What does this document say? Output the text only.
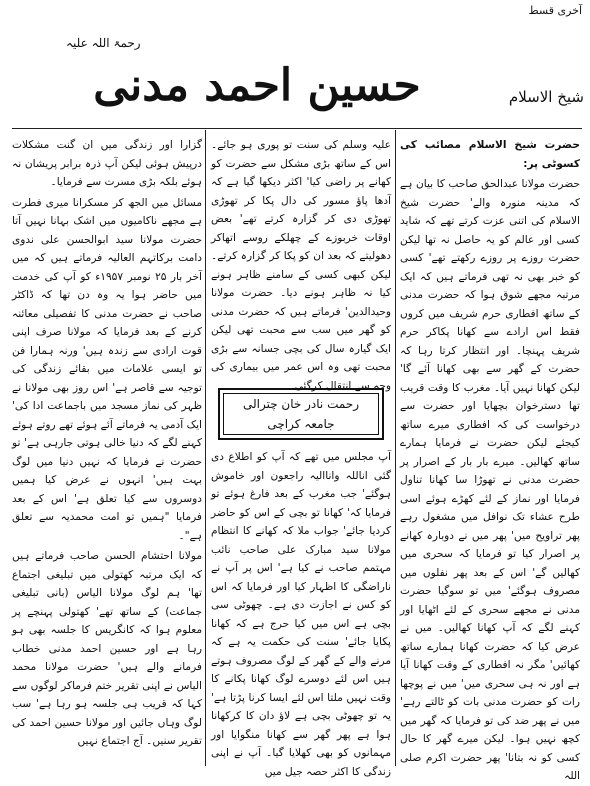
آخری قسط
رحمۃ اللہ علیہ
حسین احمد مدنی	شیخ الاسلام

حضرت شیخ الاسلام مصائب کی کسوٹی پر:

حضرت مولانا عبدالحق صاحب کا بیان ہے کہ مدینہ منورہ والے' حضرت شیخ الاسلام کی اتنی عزت کرتے تھے کہ شاید کسی اور عالم کو یہ حاصل نہ تھا لیکن حضرت روزے پر روزے رکھتے تھے' کسی کو خبر بھی نہ تھی فرماتے ہیں کہ ایک مرتبہ مجھے شوق ہوا کہ حضرت مدنی کے ساتھ افطاری حرم شریف میں کروں فقط اس ارادے سے کھانا پکاکر حرم شریف پہنچا۔ اور انتظار کرتا رہا کہ حضرت کے گھر سے بھی کھانا آئے گا' لیکن کھانا نہیں آیا۔ مغرب کا وقت قریب تھا دسترخوان بچھایا اور حضرت سے درخواست کی کہ افطاری میرے ساتھ کیجئے لیکن حضرت نے فرمایا ہمارے ساتھ کھالیں۔ میرے بار بار کے اصرار پر حضرت مدنی نے تھوڑا سا کھانا تناول فرمایا اور نماز کے لئے کھڑے ہوئے اسی طرح عشاء تک نوافل میں مشغول رہے پھر تراویح میں' پھر میں نے دوبارہ کھانے پر اصرار کیا تو فرمایا کہ سحری میں کھالیں گے' اس کے بعد پھر نفلوں میں مصروف ہوگئے' میں تو سوگیا حضرت مدنی نے مجھے سحری کے لئے اٹھایا اور کہنے لگے کہ آپ کھانا کھالیں۔ میں نے عرض کیا کہ حضرت کھانا ہمارے ساتھ کھائیں' مگر نہ افطاری کے وقت کھانا آیا ہے اور نہ ہی سحری میں' میں نے پوچھا رات کو حضرت مدنی بات کو ٹالتے رہے' میں نے پھر ضد کی تو فرمایا کہ گھر میں کچھ نہیں ہوا۔ لیکن میرے گھر کا حال کسی کو نہ بتانا' پھر حضرت اکرم صلی اللہ

علیہ وسلم کی سنت تو پوری ہو جائے۔ اس کے ساتھ بڑی مشکل سے حضرت کو کھانے پر راضی کیا' اکثر دیکھا گیا ہے کہ آدھا پاؤ مسور کی دال پکا کر تھوڑی تھوڑی دی کر گزارہ کرتے تھے' بعض اوقات خربوزے کے چھلکے روسے اتھاکر دھولیتے کہ بعد ان کو پکا کر گزارہ کرتے۔ لیکن کبھی کسی کے سامنے ظاہر ہونے کیا نہ ظاہر ہونے دیا۔ حضرت مولانا وحیدالدین' فرماتے ہیں کہ حضرت مدنی کو گھر میں سب سے محبت تھی لیکن ایک گیارہ سال کی بچی جسانہ سے بڑی محبت تھی وہ اس عمر میں بیماری کی وجہ سے انتقال کرگئی۔

رحمت نادر خان چترالی
جامعہ کراچی

آپ مجلس میں تھے کہ آپ کو اطلاع دی گئی اناللہ واناالیہ راجعون اور خاموش ہوگئے' جب مغرب کے بعد فارغ ہوئے تو فرمایا کہ' کھانا تو بچی کے اس کو حاضر کردیا جائے' جواب ملا کہ کھانے کا انتظام مولانا سید مبارک علی صاحب نائب مہتمم صاحب نے کیا ہے' اس پر آپ نے ناراضگی کا اظہار کیا اور فرمایا کہ اس کو کس نے اجازت دی ہے۔ چھوٹی سی بچی ہے اس میں کیا حرج ہے کہ کھانا پکایا جائے' سنت کی حکمت یہ ہے کہ مرنے والے کے گھر کے لوگ مصروف ہوتے ہیں اس لئے دوسرے لوگ کھانا پکانے کا وقت نہیں ملتا اس لئے ایسا کرنا پڑتا ہے' یہ تو چھوٹی بچی ہے لاؤ دان کا کرکھانا ہوا ہے پھر گھر سے کھانا منگوایا اور مہمانوں کو بھی کھلایا گیا۔ آپ نے اپنی زندگی کا اکثر حصہ جیل میں

گزارا اور زندگی میں ان گنت مشکلات درپیش ہوئی لیکن آپ ذرہ برابر پریشان نہ ہوئے بلکہ بڑی مسرت سے فرمایا۔

مسائل میں الجھ کر مسکرانا میری فطرت ہے مجھے ناکامیوں میں اشک بہانا نہیں آتا حضرت مولانا سید ابوالحسن علی ندوی دامت برکاتہم العالیہ فرماتے ہیں کہ میں آخر بار ۲۵ نومبر ۱۹۵۷ء کو آپ کی خدمت میں حاضر ہوا یہ وہ دن تھا کہ ڈاکٹر صاحب نے حضرت مدنی کا تفصیلی معائنہ کرنے کے بعد فرمایا کہ مولانا صرف اپنی قوت ارادی سے زندہ ہیں' ورنہ ہمارا فن تو ایسی علامات میں بقائے زندگی کی توجیہ سے قاصر ہے' اس روز بھی مولانا نے ظہر کی نماز مسجد میں باجماعت ادا کی' ایک آدمی یہ فرماتے آئے ہوئے تھے روتے ہوئے کہنے لگے کہ دنیا خالی ہوتی جارہی ہے' تو حضرت نے فرمایا کہ نہیں دنیا میں لوگ بہت ہیں' انہوں نے عرض کیا ہمیں دوسروں سے کیا تعلق ہے' اس کے بعد فرمایا "ہمیں تو امت محمدیہ سے تعلق ہے"۔

مولانا احتشام الحسن صاحب فرماتے ہیں کہ ایک مرتبہ کھتولی میں تبلیغی اجتماع تھا' ہم لوگ مولانا الیاس (بانی تبلیغی جماعت) کے ساتھ تھے' کھتولی پہنچے پر معلوم ہوا کہ کانگریس کا جلسہ بھی ہو رہا ہے اور حسین احمد مدنی خطاب فرمانے والے ہیں' حضرت مولانا محمد الیاس نے اپنی تقریر ختم فرماکر لوگوں سے کہا کہ قریب ہی جلسہ ہو رہا ہے' سب لوگ وہاں جائیں اور مولانا حسین احمد کی تقریر سنیں۔ آج اجتماع نہیں
